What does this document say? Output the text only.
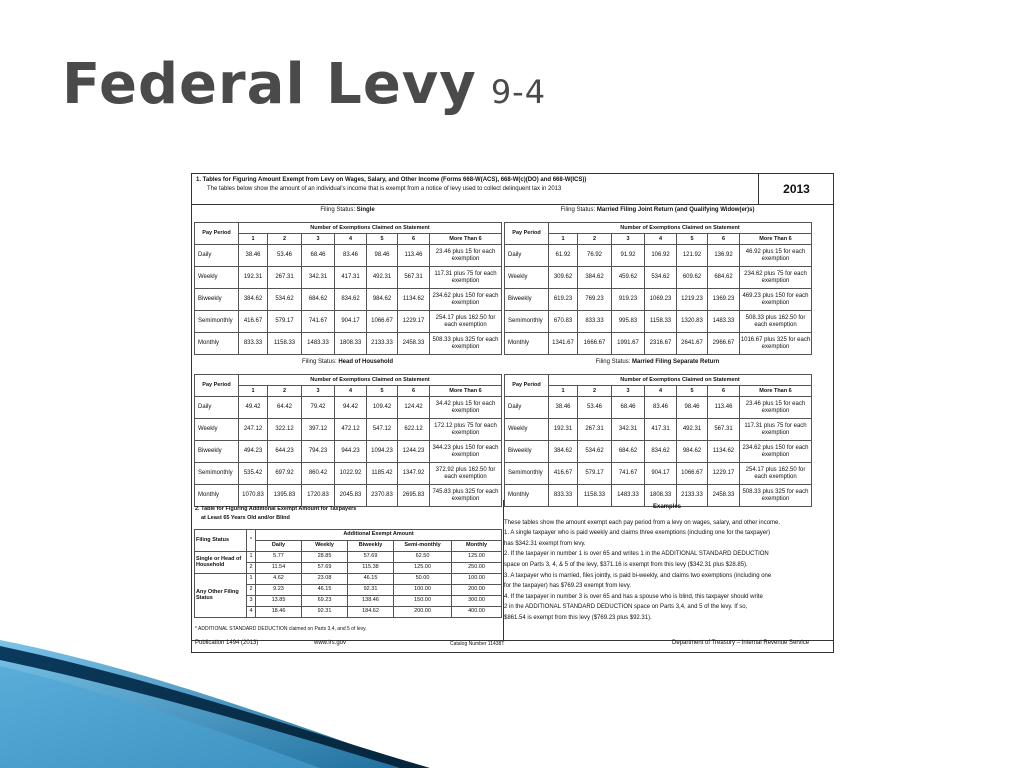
Federal Levy 9-4
1. Tables for Figuring Amount Exempt from Levy on Wages, Salary, and Other Income (Forms 668-W(ACS), 668-W(c)(DO) and 668-W(ICS))
The tables below show the amount of an individual's income that is exempt from a notice of levy used to collect delinquent tax in 2013	2013
Filing Status: Single
Pay Period	Number of Exemptions Claimed on Statement						
	1	2	3	4	5	6	More Than 6
Daily	38.46	53.46	68.46	83.46	98.46	113.46	23.46 plus 15 for each exemption
Weekly	192.31	267.31	342.31	417.31	492.31	567.31	117.31 plus 75 for each exemption
Biweekly	384.62	534.62	684.62	834.62	984.62	1134.62	234.62 plus 150 for each exemption
Semimonthly	416.67	579.17	741.67	904.17	1066.67	1229.17	254.17 plus 162.50 for each exemption
Monthly	833.33	1158.33	1483.33	1808.33	2133.33	2458.33	508.33 plus 325 for each exemption
Filing Status: Married Filing Joint Return (and Qualifying Widow(er)s)
Pay Period	Number of Exemptions Claimed on Statement						
	1	2	3	4	5	6	More Than 6
Daily	61.92	76.92	91.92	106.92	121.92	136.92	46.92 plus 15 for each exemption
Weekly	309.62	384.62	459.62	534.62	609.62	684.62	234.62 plus 75 for each exemption
Biweekly	619.23	769.23	919.23	1069.23	1219.23	1369.23	469.23 plus 150 for each exemption
Semimonthly	670.83	833.33	995.83	1158.33	1320.83	1483.33	508.33 plus 162.50 for each exemption
Monthly	1341.67	1666.67	1991.67	2316.67	2641.67	2966.67	1016.67 plus 325 for each exemption
Filing Status: Head of Household
Pay Period	Number of Exemptions Claimed on Statement						
	1	2	3	4	5	6	More Than 6
Daily	49.42	64.42	79.42	94.42	109.42	124.42	34.42 plus 15 for each exemption
Weekly	247.12	322.12	397.12	472.12	547.12	622.12	172.12 plus 75 for each exemption
Biweekly	494.23	644.23	794.23	944.23	1094.23	1244.23	344.23 plus 150 for each exemption
Semimonthly	535.42	697.92	860.42	1022.92	1185.42	1347.92	372.92 plus 162.50 for each exemption
Monthly	1070.83	1395.83	1720.83	2045.83	2370.83	2695.83	745.83 plus 325 for each exemption
Filing Status: Married Filing Separate Return
Pay Period	Number of Exemptions Claimed on Statement						
	1	2	3	4	5	6	More Than 6
Daily	38.46	53.46	68.46	83.46	98.46	113.46	23.46 plus 15 for each exemption
Weekly	192.31	267.31	342.31	417.31	492.31	567.31	117.31 plus 75 for each exemption
Biweekly	384.62	534.62	684.62	834.62	984.62	1134.62	234.62 plus 150 for each exemption
Semimonthly	416.67	579.17	741.67	904.17	1066.67	1229.17	254.17 plus 162.50 for each exemption
Monthly	833.33	1158.33	1483.33	1808.33	2133.33	2458.33	508.33 plus 325 for each exemption
2. Table for Figuring Additional Exempt Amount for Taxpayers
at Least 65 Years Old and/or Blind
Filing Status	*	Additional Exempt Amount				
		Daily	Weekly	Biweekly	Semi-monthly	Monthly
Single or Head of Household	1	5.77	28.85	57.69	62.50	125.00
	2	11.54	57.69	115.38	125.00	250.00
Any Other Filing Status	1	4.62	23.08	46.15	50.00	100.00
	2	9.23	46.15	92.31	100.00	200.00
	3	13.85	69.23	138.46	150.00	300.00
	4	18.46	92.31	184.62	200.00	400.00
* ADDITIONAL STANDARD DEDUCTION claimed on Parts 3,4, and 5 of levy.
Examples
These tables show the amount exempt each pay period from a levy on wages, salary, and other income.
1. A single taxpayer who is paid weekly and claims three exemptions (including one for the taxpayer)
has $342.31 exempt from levy.
2. If the taxpayer in number 1 is over 65 and writes 1 in the ADDITIONAL STANDARD DEDUCTION
space on Parts 3, 4, & 5 of the levy, $371.16 is exempt from this levy ($342.31 plus $28.85).
3. A taxpayer who is married, files jointly, is paid bi-weekly, and claims two exemptions (including one
for the taxpayer) has $769.23 exempt from levy.
4. If the taxpayer in number 3 is over 65 and has a spouse who is blind, this taxpayer should write
2 in the ADDITIONAL STANDARD DEDUCTION space on Parts 3,4, and 5 of the levy. If so,
$861.54 is exempt from this levy ($769.23 plus $92.31).
Publication 1494 (2013)	www.irs.gov	Catalog Number 11438T	Department of Treasury – Internal Revenue Service
